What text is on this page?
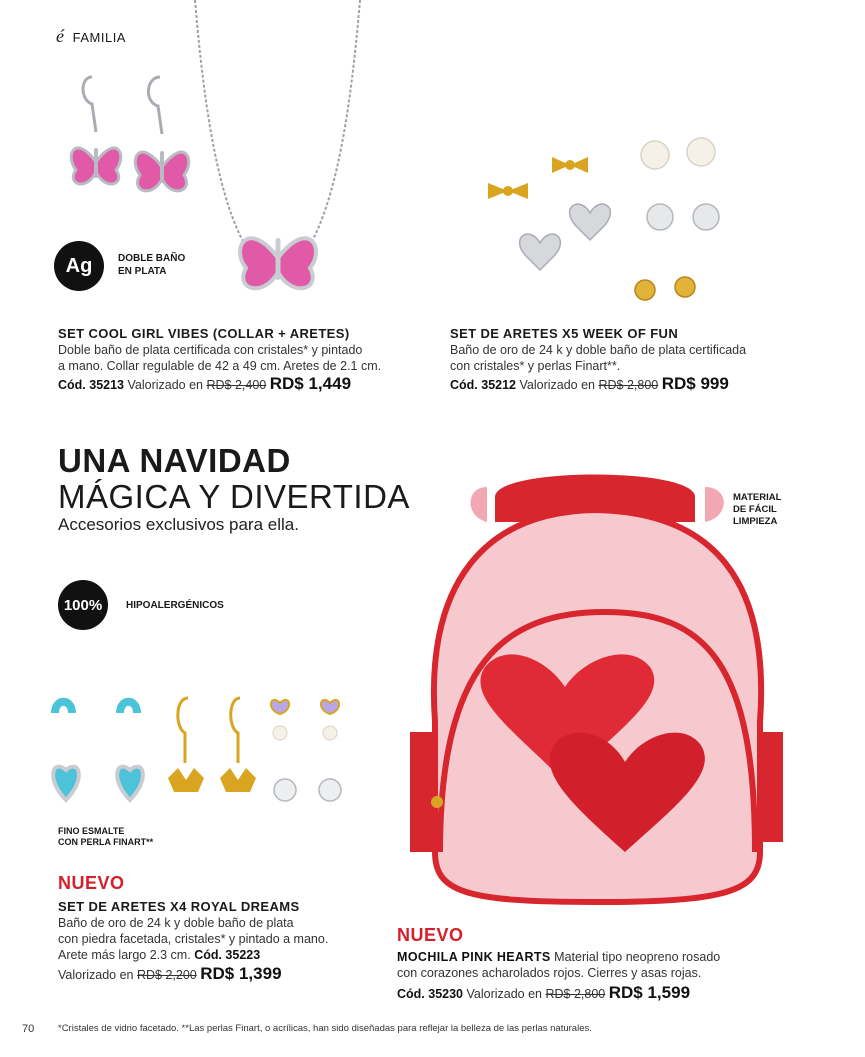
é FAMILIA
Ag	DOBLE BAÑO
EN PLATA
SET COOL GIRL VIBES (COLLAR + ARETES)
Doble baño de plata certificada con cristales* y pintado
a mano. Collar regulable de 42 a 49 cm. Aretes de 2.1 cm.
Cód. 35213 Valorizado en RD$ 2,400 RD$ 1,449
SET DE ARETES X5 WEEK OF FUN
Baño de oro de 24 k y doble baño de plata certificada
con cristales* y perlas Finart**.
Cód. 35212 Valorizado en RD$ 2,800 RD$ 999
UNA NAVIDAD
MÁGICA Y DIVERTIDA
Accesorios exclusivos para ella.
100% HIPOALERGÉNICOS
FINO ESMALTE
CON PERLA FINART**
NUEVO
SET DE ARETES X4 ROYAL DREAMS
Baño de oro de 24 k y doble baño de plata
con piedra facetada, cristales* y pintado a mano.
Arete más largo 2.3 cm. Cód. 35223
Valorizado en RD$ 2,200 RD$ 1,399
MATERIAL
DE FÁCIL
LIMPIEZA
NUEVO
MOCHILA PINK HEARTS Material tipo neopreno rosado
con corazones acharolados rojos. Cierres y asas rojas.
Cód. 35230 Valorizado en RD$ 2,800 RD$ 1,599
70	*Cristales de vidrio facetado. **Las perlas Finart, o acrílicas, han sido diseñadas para reflejar la belleza de las perlas naturales.
